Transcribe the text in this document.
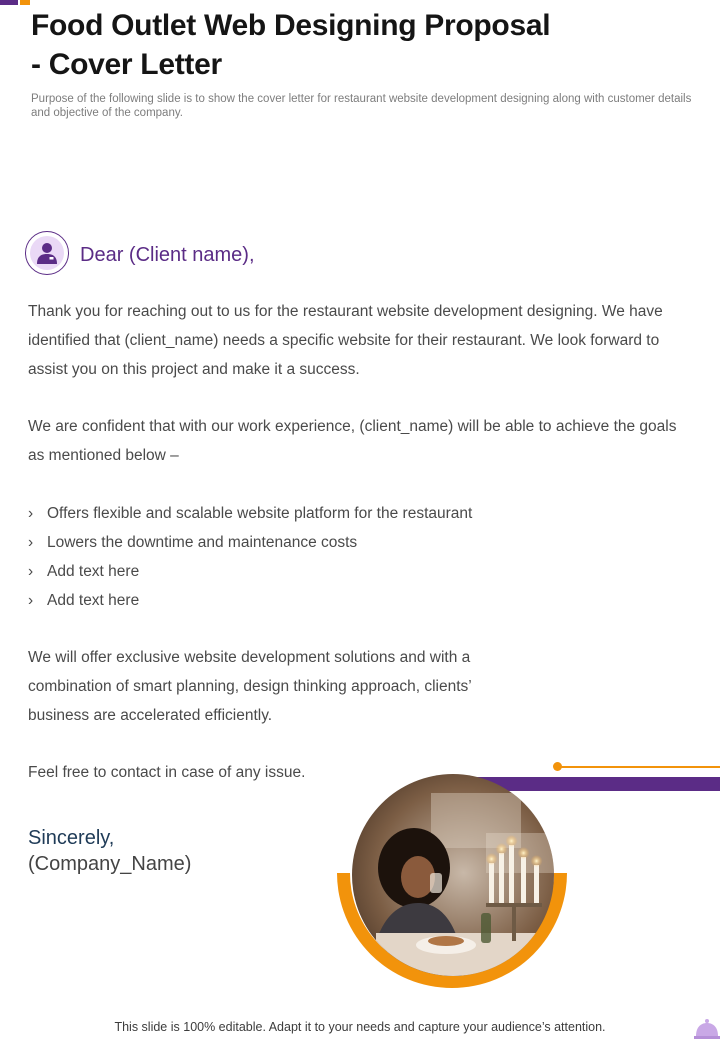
Food Outlet Web Designing Proposal
- Cover Letter

Purpose of the following slide is to show the cover letter for restaurant website development designing along with customer details and objective of the company.

Dear (Client name),

Thank you for reaching out to us for the restaurant website development designing. We have identified that (client_name) needs a specific website for their restaurant. We look forward to assist you on this project and make it a success.

We are confident that with our work experience, (client_name) will be able to achieve the goals as mentioned below –

› Offers flexible and scalable website platform for the restaurant
› Lowers the downtime and maintenance costs
› Add text here
› Add text here

We will offer exclusive website development solutions and with a combination of smart planning, design thinking approach, clients’ business are accelerated efficiently.

Feel free to contact in case of any issue.

Sincerely,

(Company_Name)

This slide is 100% editable. Adapt it to your needs and capture your audience’s attention.
